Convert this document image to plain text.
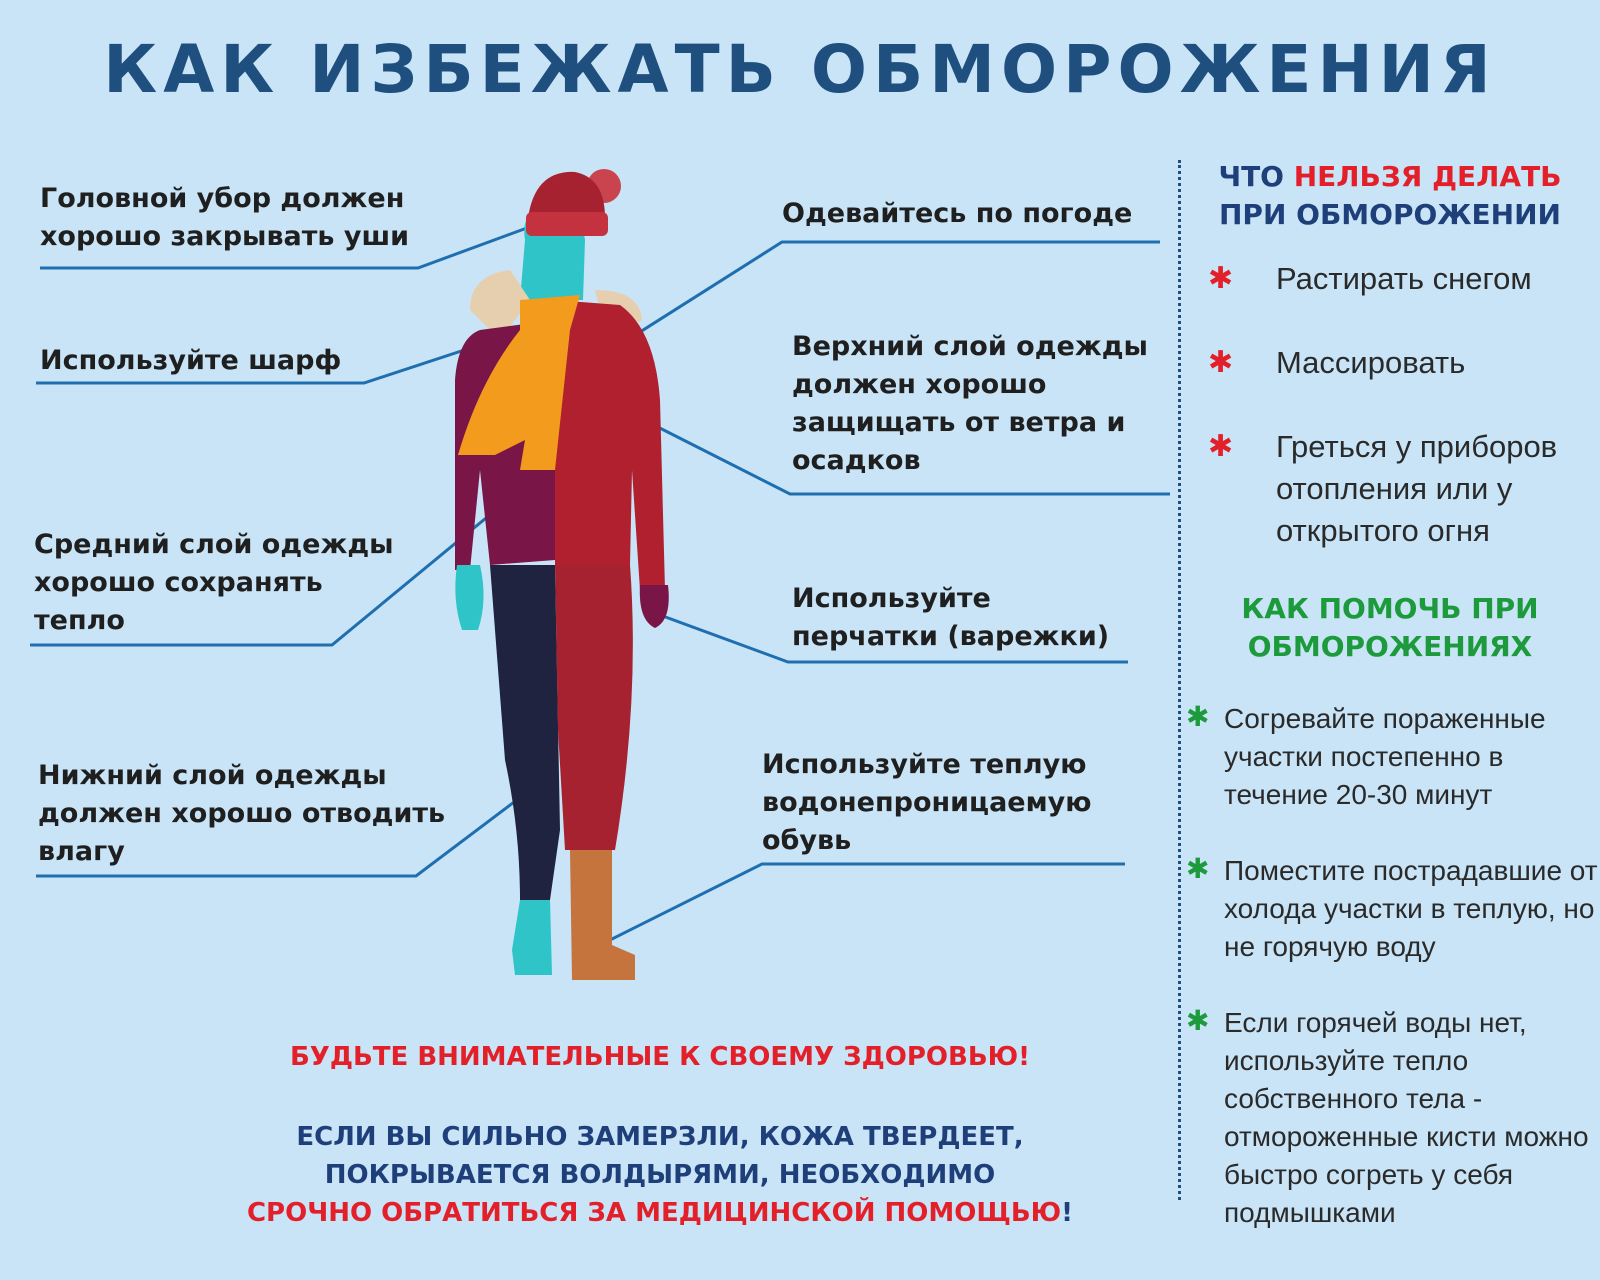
КАК ИЗБЕЖАТЬ ОБМОРОЖЕНИЯ
Головной убор должен хорошо закрывать уши
Используйте шарф
Средний слой одежды хорошо сохранять тепло
Нижний слой одежды должен хорошо отводить влагу
Одевайтесь по погоде
Верхний слой одежды должен хорошо защищать от ветра и осадков
Используйте перчатки (варежки)
Используйте теплую водонепроницаемую обувь
ЧТО НЕЛЬЗЯ ДЕЛАТЬ
ПРИ ОБМОРОЖЕНИИ
✱ Растирать снегом
✱ Массировать
✱ Греться у приборов отопления или у открытого огня
КАК ПОМОЧЬ ПРИ
ОБМОРОЖЕНИЯХ
✱ Согревайте пораженные участки постепенно в течение 20-30 минут
✱ Поместите пострадавшие от холода участки в теплую, но не горячую воду
✱ Если горячей воды нет, используйте тепло собственного тела - отмороженные кисти можно быстро согреть у себя подмышками
БУДЬТЕ ВНИМАТЕЛЬНЫЕ К СВОЕМУ ЗДОРОВЬЮ!
ЕСЛИ ВЫ СИЛЬНО ЗАМЕРЗЛИ, КОЖА ТВЕРДЕЕТ,
ПОКРЫВАЕТСЯ ВОЛДЫРЯМИ, НЕОБХОДИМО
СРОЧНО ОБРАТИТЬСЯ ЗА МЕДИЦИНСКОЙ ПОМОЩЬЮ!
